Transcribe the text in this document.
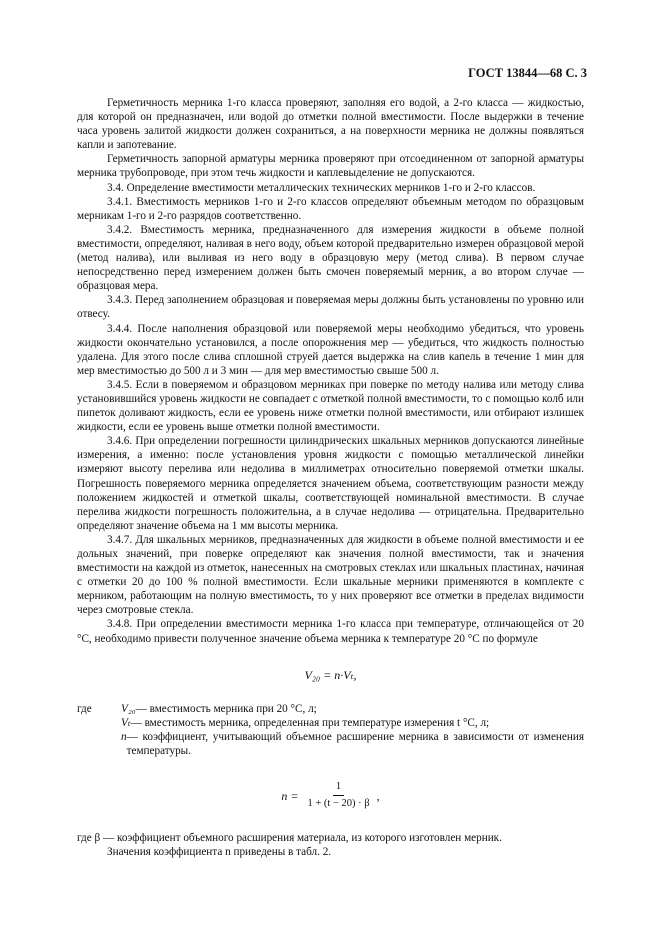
ГОСТ 13844—68 С. 3

Герметичность мерника 1-го класса проверяют, заполняя его водой, а 2-го класса — жидкостью, для которой он предназначен, или водой до отметки полной вместимости. После выдержки в течение часа уровень залитой жидкости должен сохраниться, а на поверхности мерника не должны появляться капли и запотевание.

Герметичность запорной арматуры мерника проверяют при отсоединенном от запорной арматуры мерника трубопроводе, при этом течь жидкости и каплевыделение не допускаются.

3.4. Определение вместимости металлических технических мерников 1-го и 2-го классов.

3.4.1. Вместимость мерников 1-го и 2-го классов определяют объемным методом по образцовым мерникам 1-го и 2-го разрядов соответственно.

3.4.2. Вместимость мерника, предназначенного для измерения жидкости в объеме полной вместимости, определяют, наливая в него воду, объем которой предварительно измерен образцовой мерой (метод налива), или выливая из него воду в образцовую меру (метод слива). В первом случае непосредственно перед измерением должен быть смочен поверяемый мерник, а во втором случае — образцовая мера.

3.4.3. Перед заполнением образцовая и поверяемая меры должны быть установлены по уровню или отвесу.

3.4.4. После наполнения образцовой или поверяемой меры необходимо убедиться, что уровень жидкости окончательно установился, а после опорожнения мер — убедиться, что жидкость полностью удалена. Для этого после слива сплошной струей дается выдержка на слив капель в течение 1 мин для мер вместимостью до 500 л и 3 мин — для мер вместимостью свыше 500 л.

3.4.5. Если в поверяемом и образцовом мерниках при поверке по методу налива или методу слива установившийся уровень жидкости не совпадает с отметкой полной вместимости, то с помощью колб или пипеток доливают жидкость, если ее уровень ниже отметки полной вместимости, или отбирают излишек жидкости, если ее уровень выше отметки полной вместимости.

3.4.6. При определении погрешности цилиндрических шкальных мерников допускаются линейные измерения, а именно: после установления уровня жидкости с помощью металлической линейки измеряют высоту перелива или недолива в миллиметрах относительно поверяемой отметки шкалы. Погрешность поверяемого мерника определяется значением объема, соответствующим разности между положением жидкостей и отметкой шкалы, соответствующей номинальной вместимости. В случае перелива жидкости погрешность положительна, а в случае недолива — отрицательна. Предварительно определяют значение объема на 1 мм высоты мерника.

3.4.7. Для шкальных мерников, предназначенных для жидкости в объеме полной вместимости и ее дольных значений, при поверке определяют как значения полной вместимости, так и значения вместимости на каждой из отметок, нанесенных на смотровых стеклах или шкальных пластинах, начиная с отметки 20 до 100 % полной вместимости. Если шкальные мерники применяются в комплекте с мерником, работающим на полную вместимость, то у них проверяют все отметки в пределах видимости через смотровые стекла.

3.4.8. При определении вместимости мерника 1-го класса при температуре, отличающейся от 20 °С, необходимо привести полученное значение объема мерника к температуре 20 °С по формуле

V₂₀ = n·Vₜ,
где	V₂₀ — вместимость мерника при 20 °С, л;
Vₜ — вместимость мерника, определенная при температуре измерения t °С, л;
n — коэффициент, учитывающий объемное расширение мерника в зависимости от изменения температуры.
$n = \frac{1}{1 + (t - 20) \cdot \beta}$ ,

где β — коэффициент объемного расширения материала, из которого изготовлен мерник.

Значения коэффициента n приведены в табл. 2.
